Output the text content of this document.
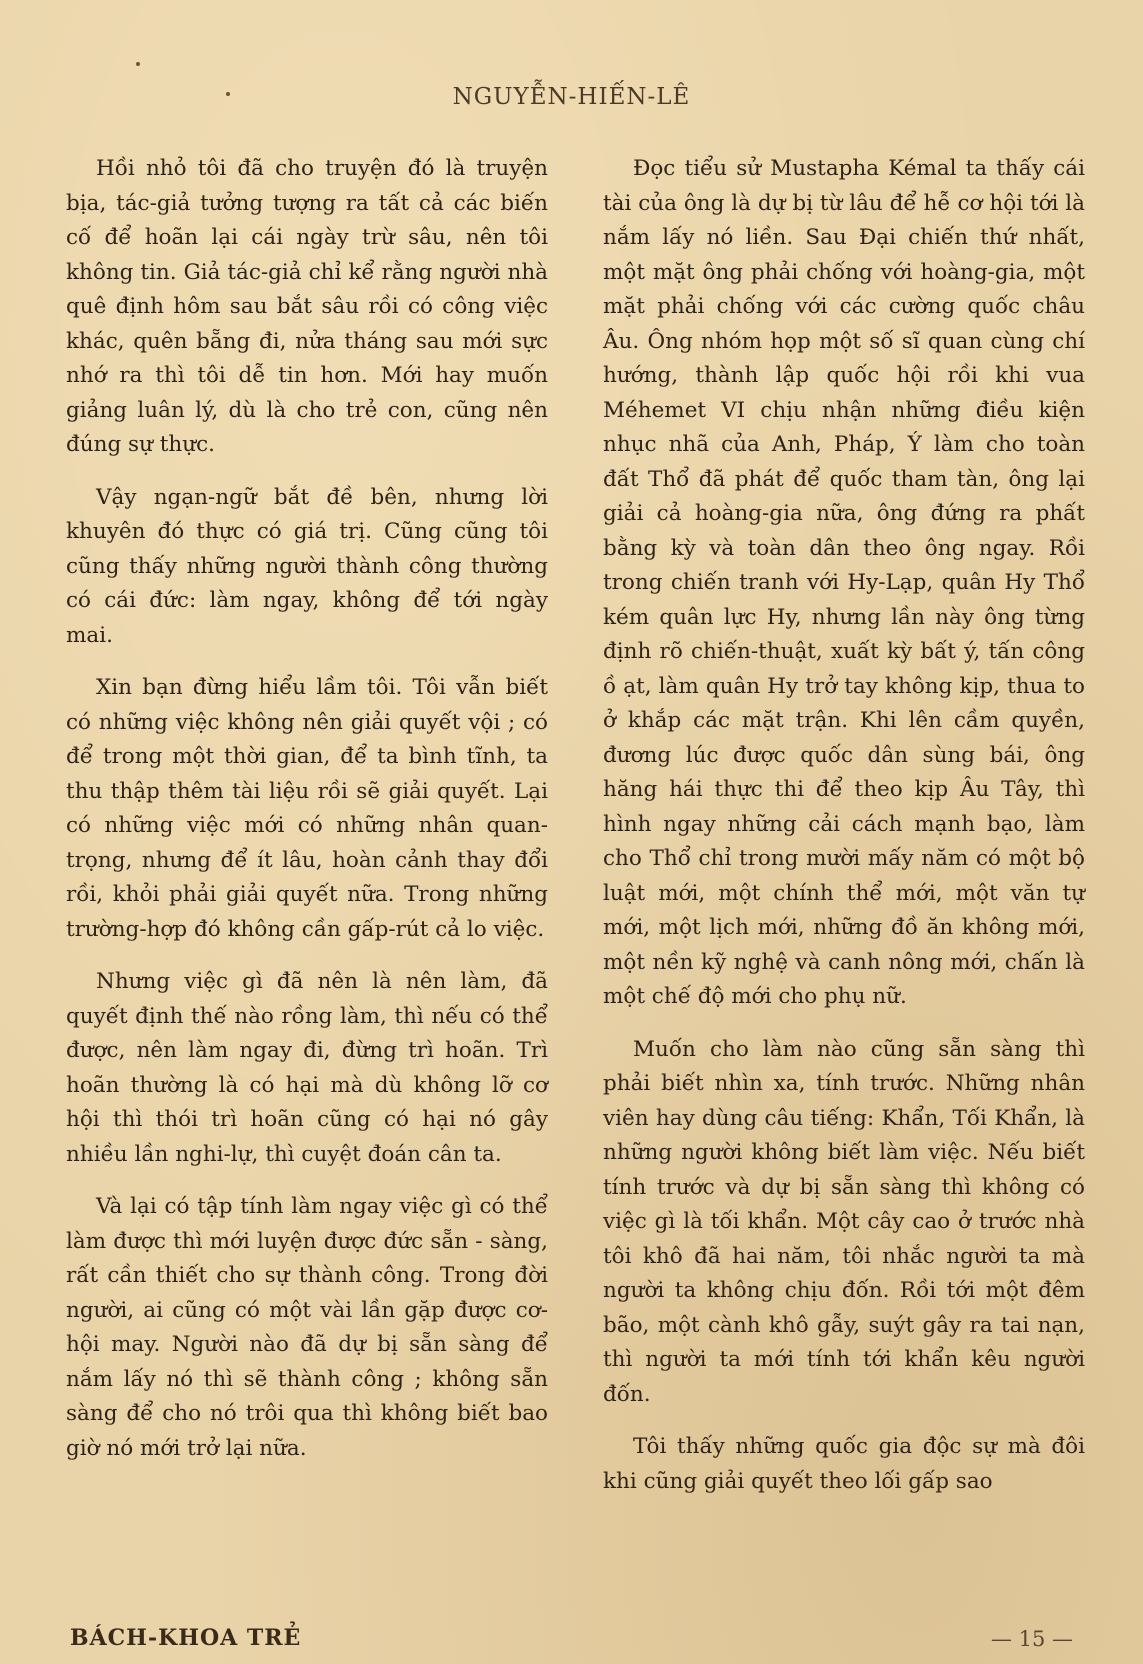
NGUYỄN-HIẾN-LÊ

Hồi nhỏ tôi đã cho truyện đó là truyện bịa, tác-giả tưởng tượng ra tất cả các biến cố để hoãn lại cái ngày trừ sâu, nên tôi không tin. Giả tác-giả chỉ kể rằng người nhà quê định hôm sau bắt sâu rồi có công việc khác, quên bẵng đi, nửa tháng sau mới sực nhớ ra thì tôi dễ tin hơn. Mới hay muốn giảng luân lý, dù là cho trẻ con, cũng nên đúng sự thực.

Vậy ngạn-ngữ bắt đề bên, nhưng lời khuyên đó thực có giá trị. Cũng cũng tôi cũng thấy những người thành công thường có cái đức: làm ngay, không để tới ngày mai.

Xin bạn đừng hiểu lầm tôi. Tôi vẫn biết có những việc không nên giải quyết vội ; có để trong một thời gian, để ta bình tĩnh, ta thu thập thêm tài liệu rồi sẽ giải quyết. Lại có những việc mới có những nhân quan-trọng, nhưng để ít lâu, hoàn cảnh thay đổi rồi, khỏi phải giải quyết nữa. Trong những trường-hợp đó không cần gấp-rút cả lo việc.

Nhưng việc gì đã nên là nên làm, đã quyết định thế nào rồng làm, thì nếu có thể được, nên làm ngay đi, đừng trì hoãn. Trì hoãn thường là có hại mà dù không lỡ cơ hội thì thói trì hoãn cũng có hại nó gây nhiều lần nghi-lự, thì cuyệt đoán cân ta.

Và lại có tập tính làm ngay việc gì có thể làm được thì mới luyện được đức sẵn - sàng, rất cần thiết cho sự thành công. Trong đời người, ai cũng có một vài lần gặp được cơ-hội may. Người nào đã dự bị sẵn sàng để nắm lấy nó thì sẽ thành công ; không sẵn sàng để cho nó trôi qua thì không biết bao giờ nó mới trở lại nữa.

Đọc tiểu sử Mustapha Kémal ta thấy cái tài của ông là dự bị từ lâu để hễ cơ hội tới là nắm lấy nó liền. Sau Đại chiến thứ nhất, một mặt ông phải chống với hoàng-gia, một mặt phải chống với các cường quốc châu Âu. Ông nhóm họp một số sĩ quan cùng chí hướng, thành lập quốc hội rồi khi vua Méhemet VI chịu nhận những điều kiện nhục nhã của Anh, Pháp, Ý làm cho toàn đất Thổ đã phát để quốc tham tàn, ông lại giải cả hoàng-gia nữa, ông đứng ra phất bằng kỳ và toàn dân theo ông ngay. Rồi trong chiến tranh với Hy-Lạp, quân Hy Thổ kém quân lực Hy, nhưng lần này ông từng định rõ chiến-thuật, xuất kỳ bất ý, tấn công ồ ạt, làm quân Hy trở tay không kịp, thua to ở khắp các mặt trận. Khi lên cầm quyền, đương lúc được quốc dân sùng bái, ông hăng hái thực thi để theo kịp Âu Tây, thì hình ngay những cải cách mạnh bạo, làm cho Thổ chỉ trong mười mấy năm có một bộ luật mới, một chính thể mới, một văn tự mới, một lịch mới, những đồ ăn không mới, một nền kỹ nghệ và canh nông mới, chấn là một chế độ mới cho phụ nữ.

Muốn cho làm nào cũng sẵn sàng thì phải biết nhìn xa, tính trước. Những nhân viên hay dùng câu tiếng: Khẩn, Tối Khẩn, là những người không biết làm việc. Nếu biết tính trước và dự bị sẵn sàng thì không có việc gì là tối khẩn. Một cây cao ở trước nhà tôi khô đã hai năm, tôi nhắc người ta mà người ta không chịu đốn. Rồi tới một đêm bão, một cành khô gẫy, suýt gây ra tai nạn, thì người ta mới tính tới khẩn kêu người đốn.

Tôi thấy những quốc gia độc sự mà đôi khi cũng giải quyết theo lối gấp sao

BÁCH-KHOA TRẺ	— 15 —
